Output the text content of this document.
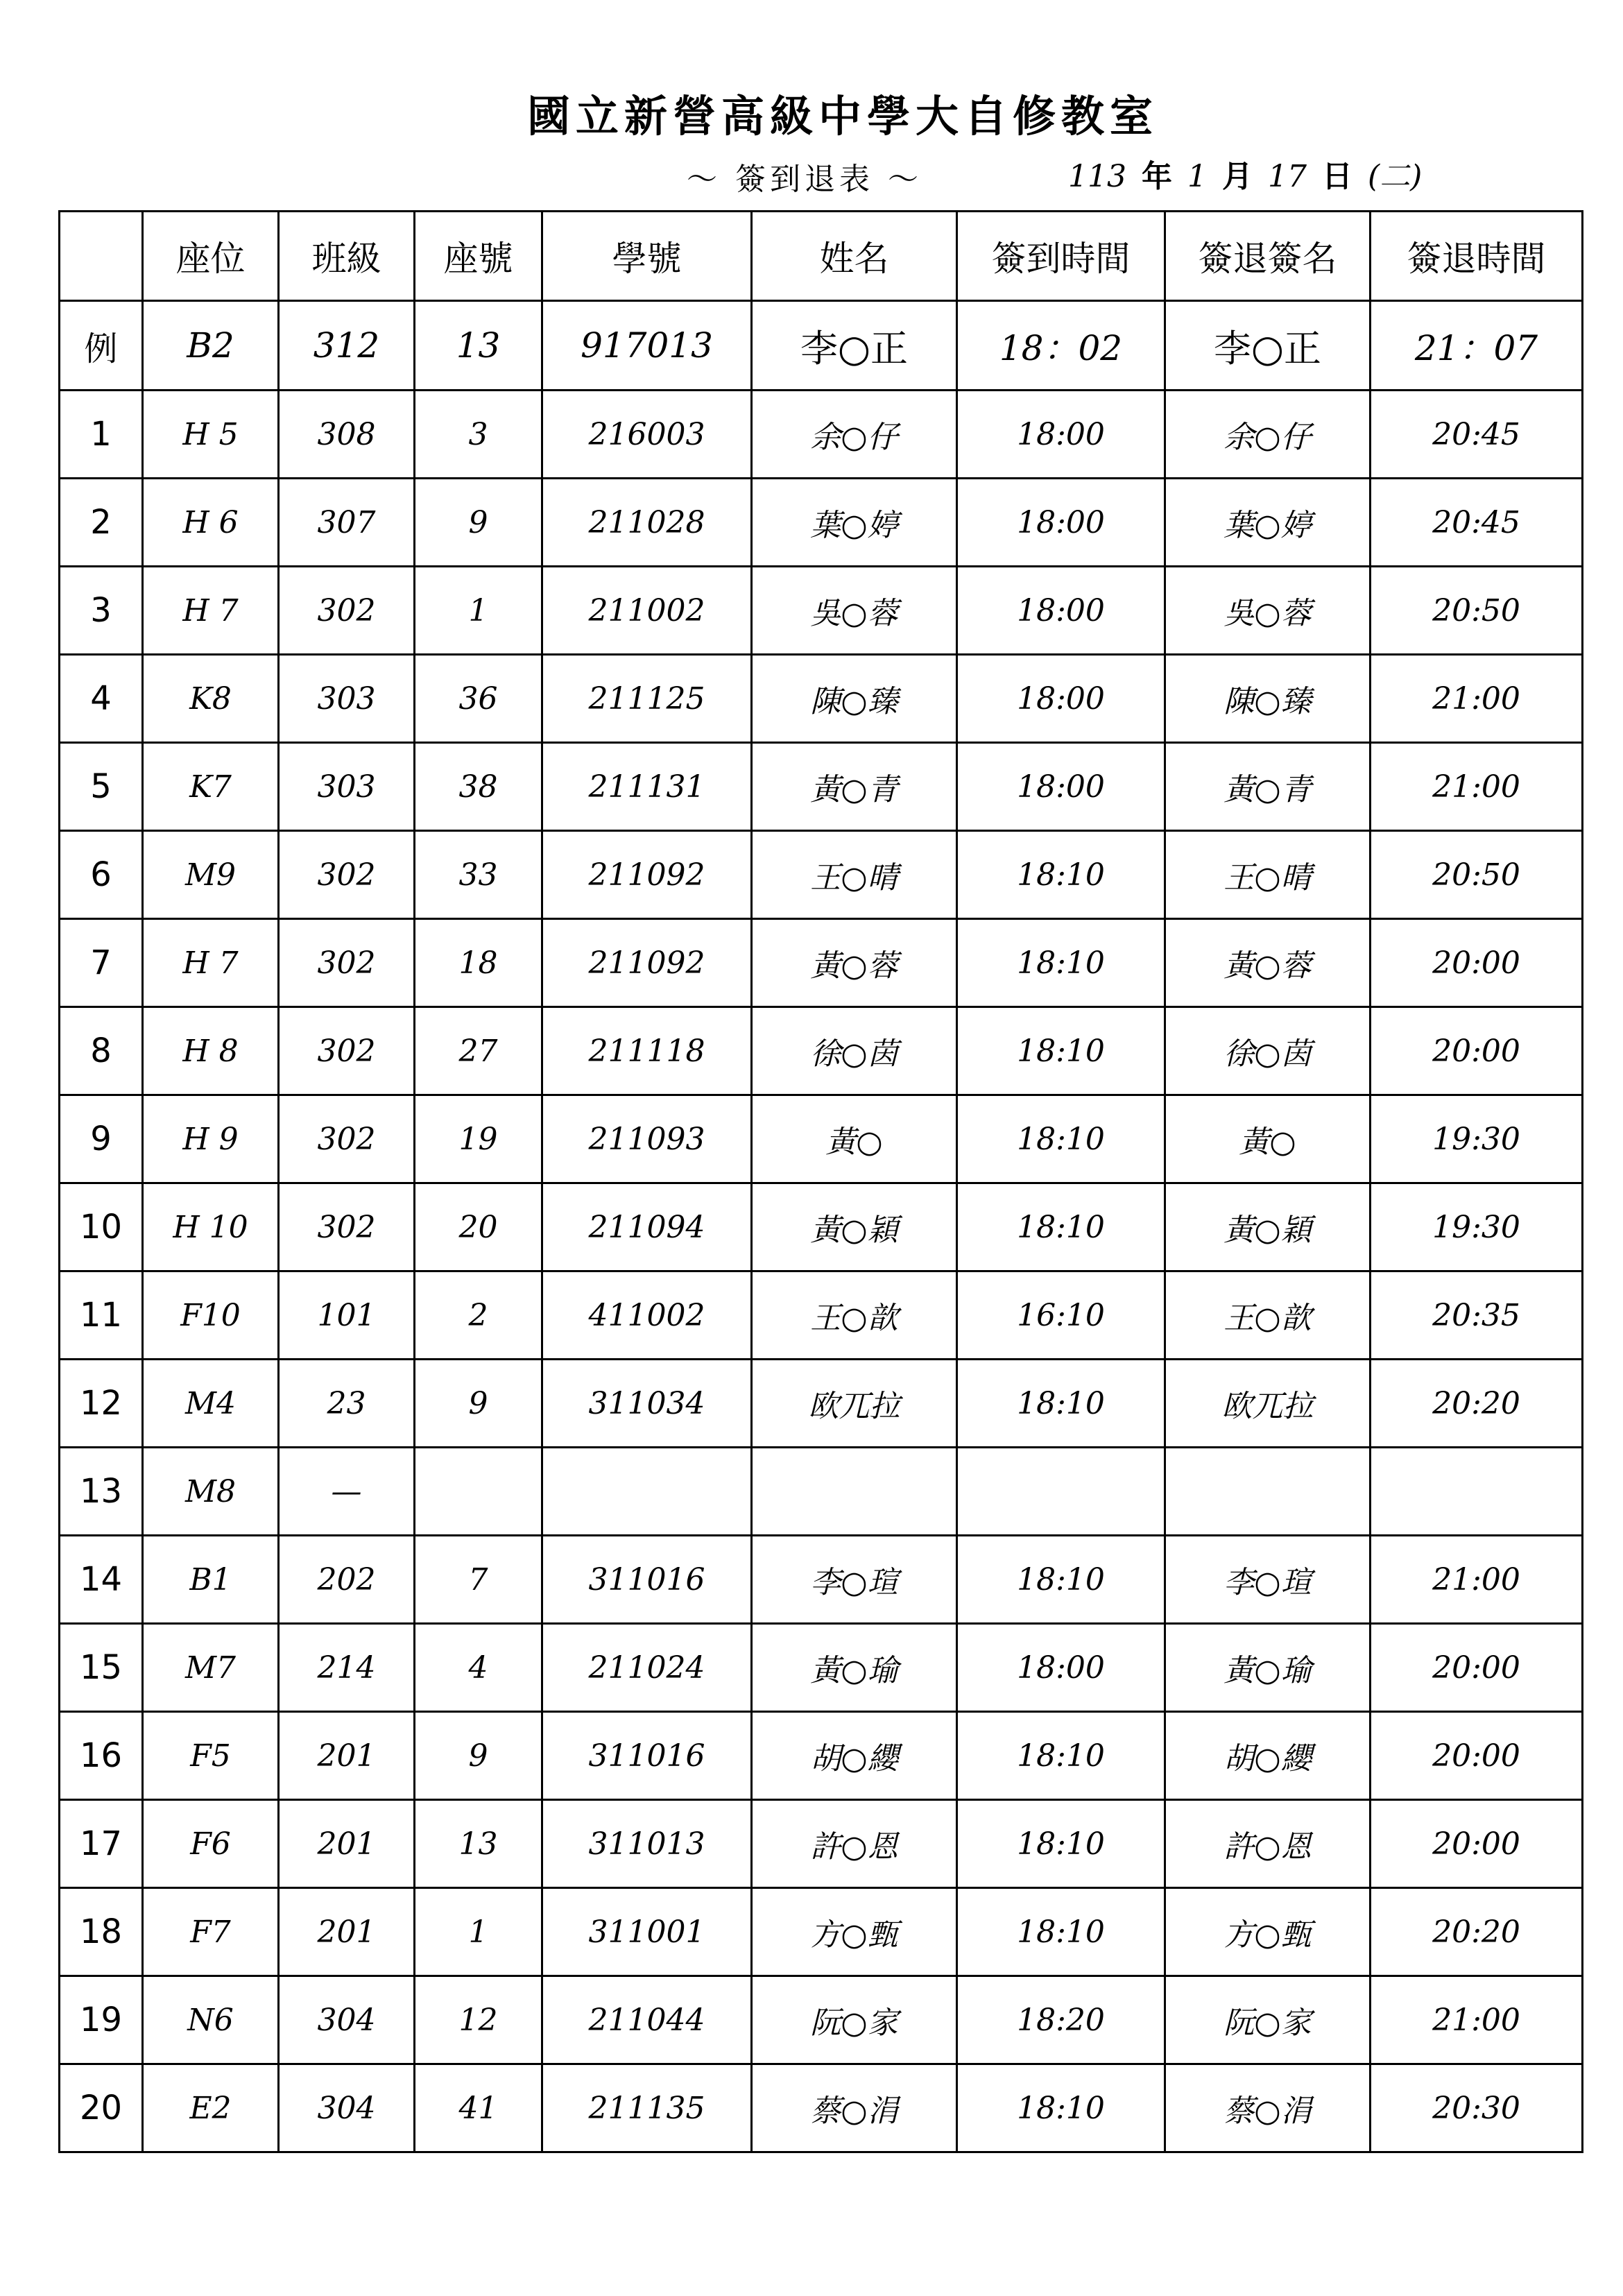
國立新營高級中學大自修教室
～ 簽到退表 ～	113 年 1 月 17 日 (二)
	座位	班級	座號	學號	姓名	簽到時間	簽退簽名	簽退時間
例	B2	312	13	917013	李○正	18：02	李○正	21：07
1	H 5	308	3	216003	余○仔	18:00	余○仔	20:45
2	H 6	307	9	211028	葉○婷	18:00	葉○婷	20:45
3	H 7	302	1	211002	吳○蓉	18:00	吳○蓉	20:50
4	K8	303	36	211125	陳○臻	18:00	陳○臻	21:00
5	K7	303	38	211131	黃○青	18:00	黃○青	21:00
6	M9	302	33	211092	王○晴	18:10	王○晴	20:50
7	H 7	302	18	211092	黃○蓉	18:10	黃○蓉	20:00
8	H 8	302	27	211118	徐○茵	18:10	徐○茵	20:00
9	H 9	302	19	211093	黃○	18:10	黃○	19:30
10	H 10	302	20	211094	黃○穎	18:10	黃○穎	19:30
11	F10	101	2	411002	王○歆	16:10	王○歆	20:35
12	M4	23	9	311034	欧兀拉	18:10	欧兀拉	20:20
13	M8	—						
14	B1	202	7	311016	李○瑄	18:10	李○瑄	21:00
15	M7	214	4	211024	黃○瑜	18:00	黃○瑜	20:00
16	F5	201	9	311016	胡○纓	18:10	胡○纓	20:00
17	F6	201	13	311013	許○恩	18:10	許○恩	20:00
18	F7	201	1	311001	方○甄	18:10	方○甄	20:20
19	N6	304	12	211044	阮○家	18:20	阮○家	21:00
20	E2	304	41	211135	蔡○涓	18:10	蔡○涓	20:30
